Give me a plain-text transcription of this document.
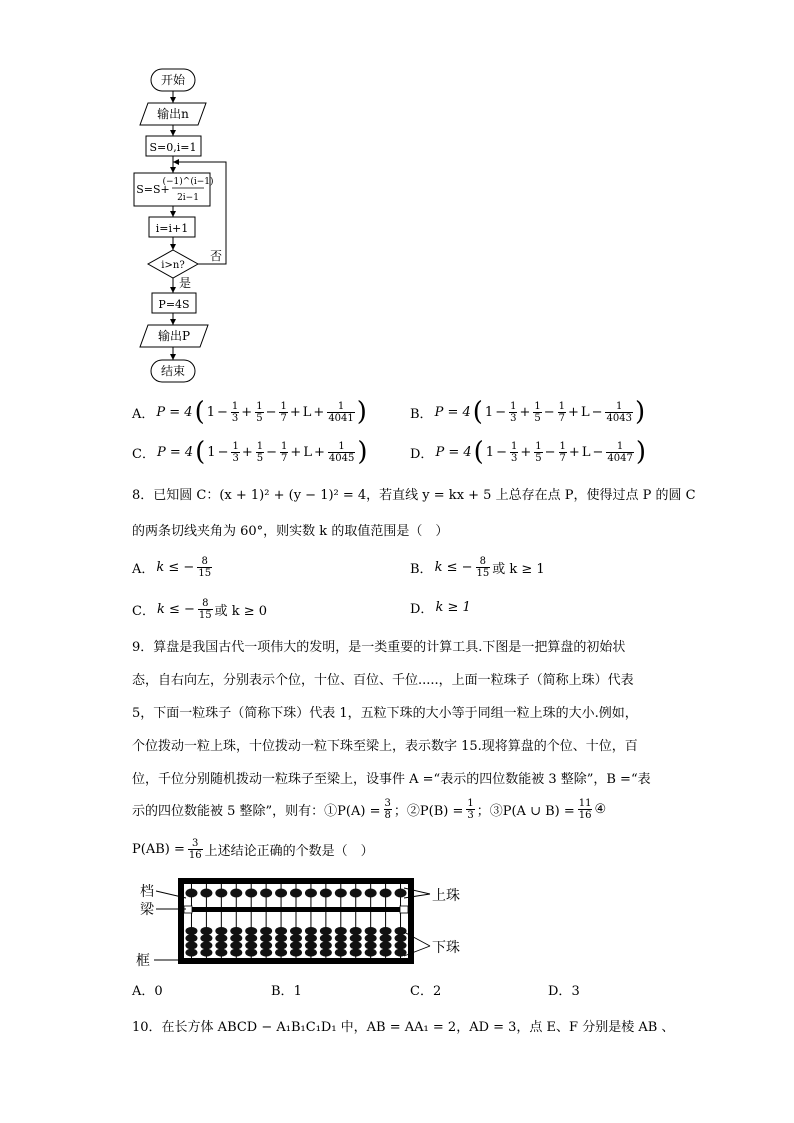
开始
输出n
S=0,i=1
S=S+
(−1)^(i−1)
2i−1
i=i+1
i>n?
否
是
P=4S
输出P
结束
A． P = 4 ( $1 - \frac{1}{3} + \frac{1}{5} - \frac{1}{7} + L + \frac{1}{4041}$ )	B． P = 4 ( $1 - \frac{1}{3} + \frac{1}{5} - \frac{1}{7} + L - \frac{1}{4043}$ )
C． P = 4 ( $1 - \frac{1}{3} + \frac{1}{5} - \frac{1}{7} + L + \frac{1}{4045}$ )	D． P = 4 ( $1 - \frac{1}{3} + \frac{1}{5} - \frac{1}{7} + L - \frac{1}{4047}$ )
8．已知圆 C：(x + 1)² + (y − 1)² = 4，若直线 y = kx + 5 上总存在点 P，使得过点 P 的圆 C
的两条切线夹角为 60°，则实数 k 的取值范围是（　）
A． k ≤ − $\frac{8}{15}$	B． k ≤ − $\frac{8}{15}$ 或 k ≥ 1
C． k ≤ − $\frac{8}{15}$ 或 k ≥ 0	D． k ≥ 1
9．算盘是我国古代一项伟大的发明，是一类重要的计算工具.下图是一把算盘的初始状
态，自右向左，分别表示个位，十位、百位、千位.....，上面一粒珠子（简称上珠）代表
5，下面一粒珠子（简称下珠）代表 1，五粒下珠的大小等于同组一粒上珠的大小.例如，
个位拨动一粒上珠，十位拨动一粒下珠至梁上，表示数字 15.现将算盘的个位、十位，百
位，千位分别随机拨动一粒珠子至梁上，设事件 A =“表示的四位数能被 3 整除”，B =“表
示的四位数能被 5 整除”，则有：①P(A) = $\frac{3}{8}$ ；②P(B) = $\frac{1}{3}$ ；③P(A ∪ $B) = \frac{11}{16}$ ④
$P(AB) = \frac{3}{16}$ 上述结论正确的个数是（　）
档
梁
框
上珠
下珠
A．0	B．1	C．2	D．3
10．在长方体 ABCD − A₁B₁C₁D₁ 中，AB = AA₁ = 2，AD = 3，点 E、F 分别是棱 AB 、
